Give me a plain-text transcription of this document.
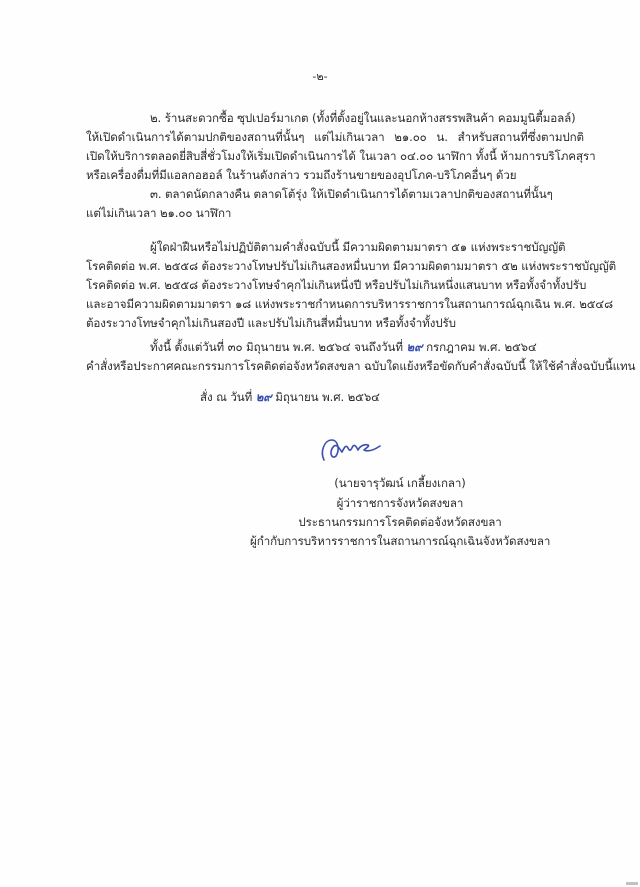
-๒-
๒. ร้านสะดวกซื้อ ซุปเปอร์มาเกต (ทั้งที่ตั้งอยู่ในและนอกห้างสรรพสินค้า คอมมูนิตี้มอลล์)
ให้เปิดดำเนินการได้ตามปกติของสถานที่นั้นๆ แต่ไม่เกินเวลา ๒๑.๐๐ น. สำหรับสถานที่ซึ่งตามปกติ
เปิดให้บริการตลอดยี่สิบสี่ชั่วโมงให้เริ่มเปิดดำเนินการได้ ในเวลา ๐๔.๐๐ นาฬิกา ทั้งนี้ ห้ามการบริโภคสุรา
หรือเครื่องดื่มที่มีแอลกอฮอล์ ในร้านดังกล่าว รวมถึงร้านขายของอุปโภค-บริโภคอื่นๆ ด้วย
๓. ตลาดนัดกลางคืน ตลาดโต้รุ่ง ให้เปิดดำเนินการได้ตามเวลาปกติของสถานที่นั้นๆ
แต่ไม่เกินเวลา ๒๑.๐๐ นาฬิกา
ผู้ใดฝ่าฝืนหรือไม่ปฏิบัติตามคำสั่งฉบับนี้ มีความผิดตามมาตรา ๕๑ แห่งพระราชบัญญัติ
โรคติดต่อ พ.ศ. ๒๕๕๘ ต้องระวางโทษปรับไม่เกินสองหมื่นบาท มีความผิดตามมาตรา ๕๒ แห่งพระราชบัญญัติ
โรคติดต่อ พ.ศ. ๒๕๕๘ ต้องระวางโทษจำคุกไม่เกินหนึ่งปี หรือปรับไม่เกินหนึ่งแสนบาท หรือทั้งจำทั้งปรับ
และอาจมีความผิดตามมาตรา ๑๘ แห่งพระราชกำหนดการบริหารราชการในสถานการณ์ฉุกเฉิน พ.ศ. ๒๕๔๘
ต้องระวางโทษจำคุกไม่เกินสองปี และปรับไม่เกินสี่หมื่นบาท หรือทั้งจำทั้งปรับ
ทั้งนี้ ตั้งแต่วันที่ ๓๐ มิถุนายน พ.ศ. ๒๕๖๔ จนถึงวันที่ ๒๙ กรกฎาคม พ.ศ. ๒๕๖๔
คำสั่งหรือประกาศคณะกรรมการโรคติดต่อจังหวัดสงขลา ฉบับใดแย้งหรือขัดกับคำสั่งฉบับนี้ ให้ใช้คำสั่งฉบับนี้แทน
สั่ง ณ วันที่ ๒๙ มิถุนายน พ.ศ. ๒๕๖๔
(นายจารุวัฒน์ เกลี้ยงเกลา)
ผู้ว่าราชการจังหวัดสงขลา
ประธานกรรมการโรคติดต่อจังหวัดสงขลา
ผู้กำกับการบริหารราชการในสถานการณ์ฉุกเฉินจังหวัดสงขลา
